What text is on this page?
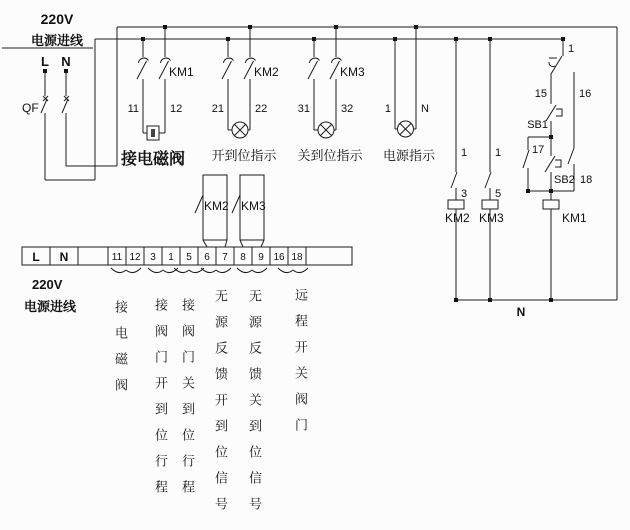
220V
电源进线
L N
QF
KM1
11	12
接电磁阀
KM2
21	22
开到位指示
KM3
31	32
关到位指示
1	N
电源指示
KM2 KM3
1	1
3	5
KM2 KM3
1
15	16
SB1
17
SB2 18
KM1
N
L N	11 12 3 1 5 6 7 8 9 16 18
220V
电源进线	接电磁阀 接阀门开到位行程 接阀门关到位行程 无源反馈开到位信号 无源反馈关到位信号 远程开关阀门
